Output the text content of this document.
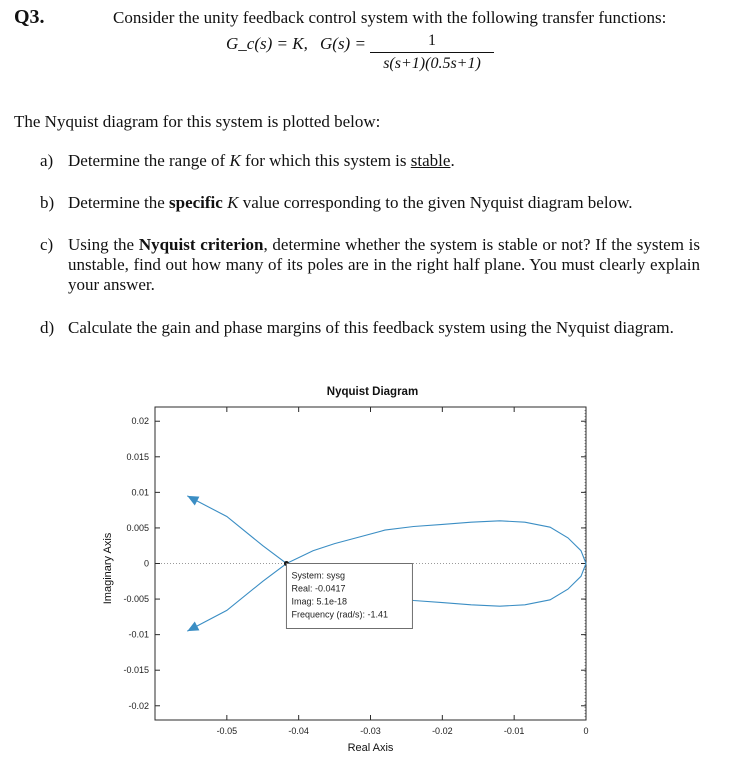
Q3.	Consider the unity feedback control system with the following transfer functions:
G_c(s) = K, G(s) =	1
s(s+1)(0.5s+1)
The Nyquist diagram for this system is plotted below:
a) Determine the range of K for which this system is stable.
b) Determine the specific K value corresponding to the given Nyquist diagram below.
c) Using the Nyquist criterion, determine whether the system is stable or not? If the system is unstable, find out how many of its poles are in the right half plane. You must clearly explain your answer.
d) Calculate the gain and phase margins of this feedback system using the Nyquist diagram.
System: sysg
Real: -0.0417
Imag: 5.1e-18
Frequency (rad/s): -1.41
-0.05	-0.04	-0.03	-0.02	-0.01	0
0.02
0.015
0.01
0.005
0
-0.005
-0.01
-0.015
-0.02
Nyquist Diagram
Real Axis
Imaginary Axis
